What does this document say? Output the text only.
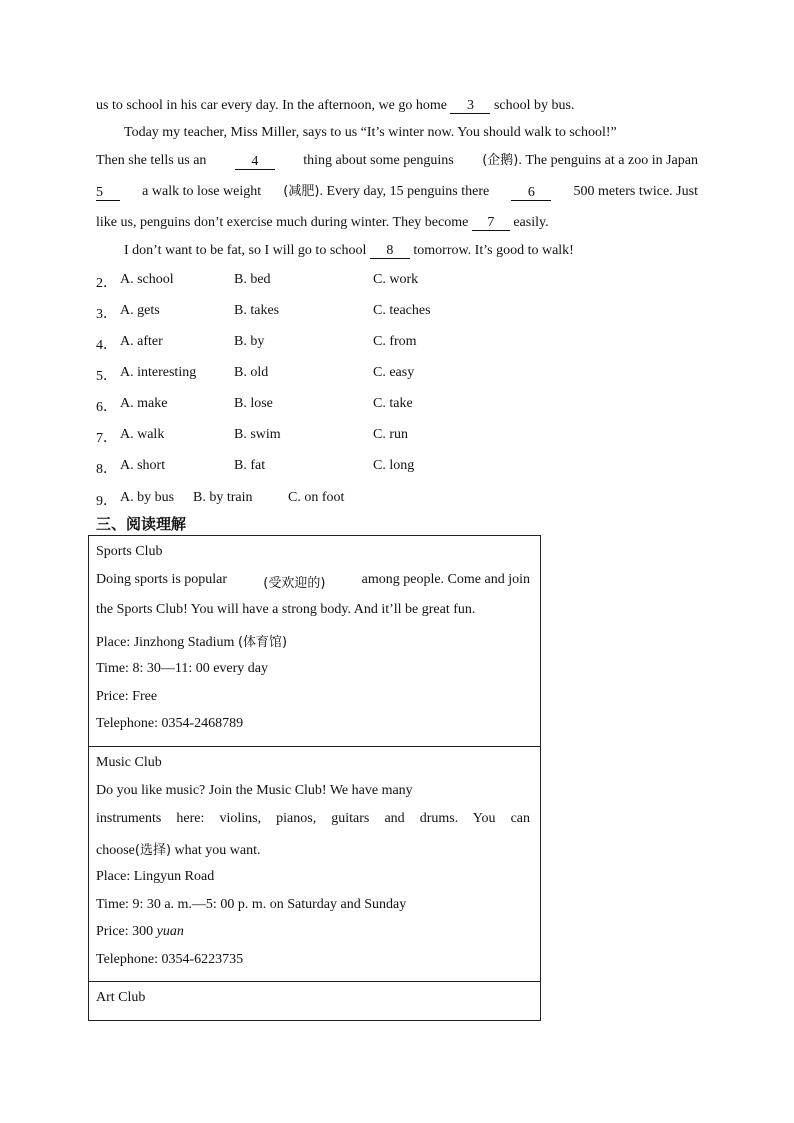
us to school in his car every day. In the afternoon, we go home 3 school by bus.
Today my teacher, Miss Miller, says to us “It’s winter now. You should walk to school!”
Then she tells us an	4	thing about some penguins (企鹅). The penguins at a zoo in Japan
5	a walk to lose weight (减肥). Every day, 15 penguins there	6	500 meters twice. Just
like us, penguins don’t exercise much during winter. They become 7 easily.
I don’t want to be fat, so I will go to school 8 tomorrow. It’s good to walk!
2． A. school	B. bed	C. work
3． A. gets	B. takes	C. teaches
4． A. after	B. by	C. from
5． A. interesting	B. old	C. easy
6． A. make	B. lose	C. take
7． A. walk	B. swim	C. run
8． A. short	B. fat	C. long
9． A. by bus B. by train	C. on foot
三、阅读理解
Sports Club
Doing sports is popular	(受欢迎的)	among people. Come and join
the Sports Club! You will have a strong body. And it’ll be great fun.
Place: Jinzhong Stadium (体育馆)
Time: 8: 30—11: 00 every day
Price: Free
Telephone: 0354-2468789
Music Club
Do you like music? Join the Music Club! We have many
instruments here: violins, pianos, guitars and drums. You can
choose(选择) what you want.
Place: Lingyun Road
Time: 9: 30 a. m.—5: 00 p. m. on Saturday and Sunday
Price: 300 yuan
Telephone: 0354-6223735
Art Club
